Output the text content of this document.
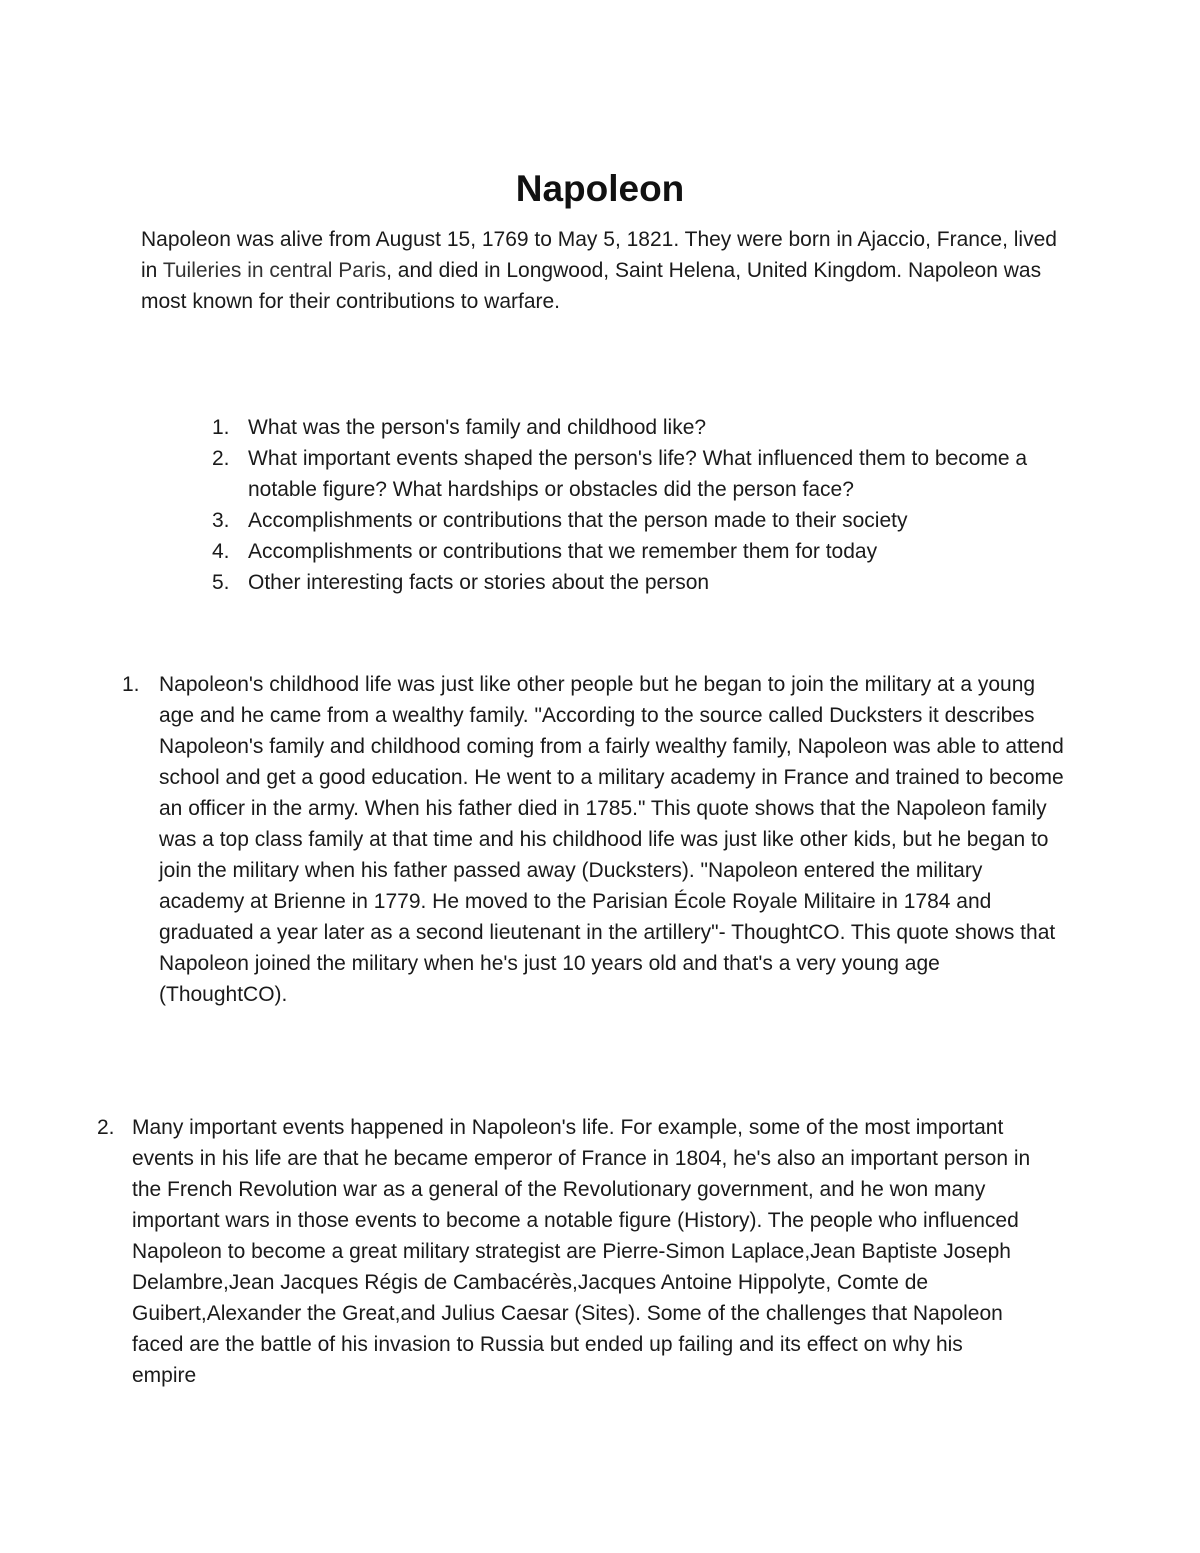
Napoleon

Napoleon was alive from August 15, 1769 to May 5, 1821. They were born in Ajaccio, France, lived in Tuileries in central Paris, and died in Longwood, Saint Helena, United Kingdom. Napoleon was most known for their contributions to warfare.

1. What was the person's family and childhood like?
2. What important events shaped the person's life? What influenced them to become a notable figure? What hardships or obstacles did the person face?
3. Accomplishments or contributions that the person made to their society
4. Accomplishments or contributions that we remember them for today
5. Other interesting facts or stories about the person
1. Napoleon's childhood life was just like other people but he began to join the military at a young age and he came from a wealthy family. "According to the source called Ducksters it describes Napoleon's family and childhood coming from a fairly wealthy family, Napoleon was able to attend school and get a good education. He went to a military academy in France and trained to become an officer in the army. When his father died in 1785." This quote shows that the Napoleon family was a top class family at that time and his childhood life was just like other kids, but he began to join the military when his father passed away (Ducksters). "Napoleon entered the military academy at Brienne in 1779. He moved to the Parisian École Royale Militaire in 1784 and graduated a year later as a second lieutenant in the artillery"- ThoughtCO. This quote shows that Napoleon joined the military when he's just 10 years old and that's a very young age (ThoughtCO).
2. Many important events happened in Napoleon's life. For example, some of the most important events in his life are that he became emperor of France in 1804, he's also an important person in the French Revolution war as a general of the Revolutionary government, and he won many important wars in those events to become a notable figure (History). The people who influenced Napoleon to become a great military strategist are Pierre-Simon Laplace,Jean Baptiste Joseph Delambre,Jean Jacques Régis de Cambacérès,Jacques Antoine Hippolyte, Comte de Guibert,Alexander the Great,and Julius Caesar (Sites). Some of the challenges that Napoleon faced are the battle of his invasion to Russia but ended up failing and its effect on why his empire
